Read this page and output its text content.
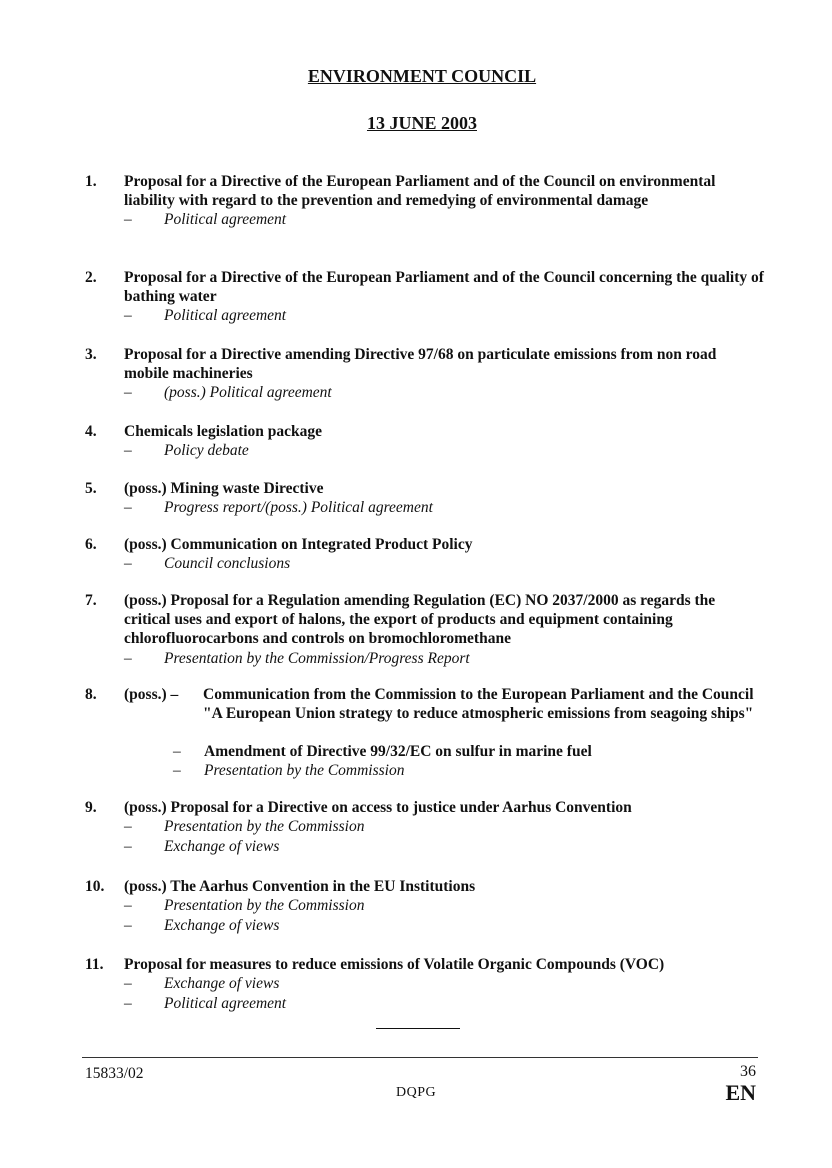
ENVIRONMENT COUNCIL
13 JUNE 2003
1. Proposal for a Directive of the European Parliament and of the Council on environmental liability with regard to the prevention and remedying of environmental damage
– Political agreement
2. Proposal for a Directive of the European Parliament and of the Council concerning the quality of bathing water
– Political agreement
3. Proposal for a Directive amending Directive 97/68 on particulate emissions from non road mobile machineries
– (poss.) Political agreement
4. Chemicals legislation package
– Policy debate
5. (poss.) Mining waste Directive
– Progress report/(poss.) Political agreement
6. (poss.) Communication on Integrated Product Policy
– Council conclusions
7. (poss.) Proposal for a Regulation amending Regulation (EC) NO 2037/2000 as regards the critical uses and export of halons, the export of products and equipment containing chlorofluorocarbons and controls on bromochloromethane
– Presentation by the Commission/Progress Report
8. (poss.) – Communication from the Commission to the European Parliament and the Council "A European Union strategy to reduce atmospheric emissions from seagoing ships"
– Amendment of Directive 99/32/EC on sulfur in marine fuel
– Presentation by the Commission
9. (poss.) Proposal for a Directive on access to justice under Aarhus Convention
– Presentation by the Commission
– Exchange of views
10. (poss.) The Aarhus Convention in the EU Institutions
– Presentation by the Commission
– Exchange of views
11. Proposal for measures to reduce emissions of Volatile Organic Compounds (VOC)
– Exchange of views
– Political agreement
15833/02	36
DQPG	EN
